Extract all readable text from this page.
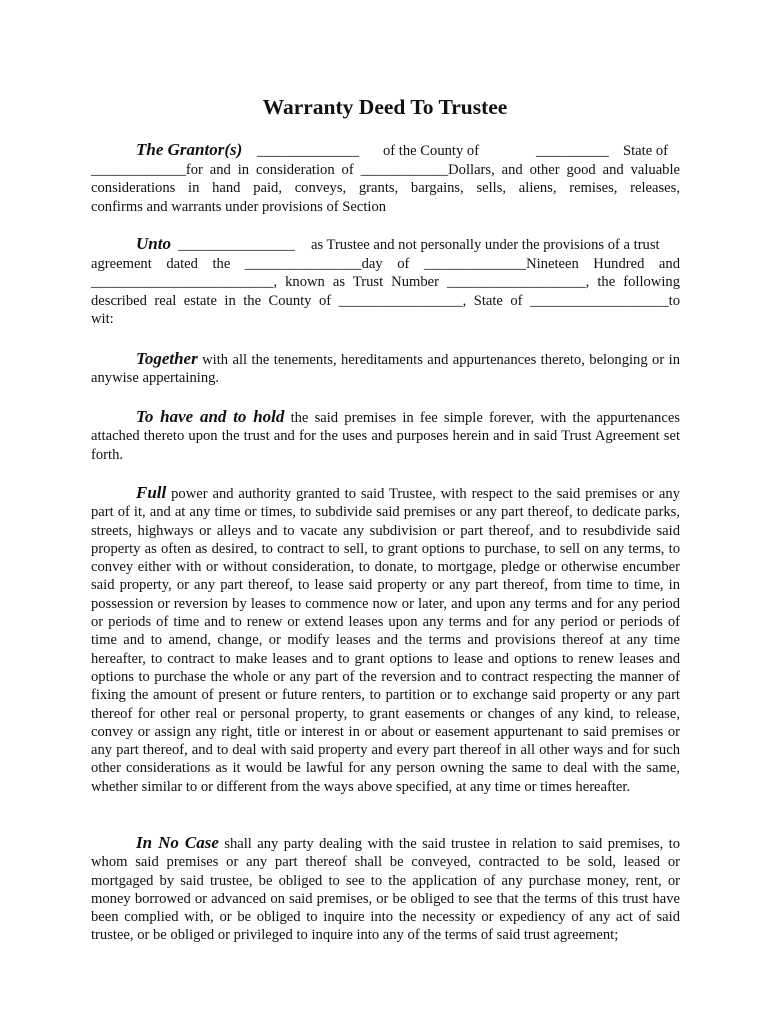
Warranty Deed To Trustee
The Grantor(s) ______________ of the County of	__________ State of
_____________for and in consideration of ____________Dollars, and other good and valuable
considerations in hand paid, conveys, grants, bargains, sells, aliens, remises, releases,
confirms and warrants under provisions of Section
Unto ________________ as Trustee and not personally under the provisions of a trust
agreement dated the ________________day of ______________Nineteen Hundred and
_________________________, known as Trust Number ___________________, the following
described real estate in the County of _________________, State of ___________________to
wit:

Together with all the tenements, hereditaments and appurtenances thereto, belonging or in anywise appertaining.

To have and to hold the said premises in fee simple forever, with the appurtenances attached thereto upon the trust and for the uses and purposes herein and in said Trust Agreement set forth.

Full power and authority granted to said Trustee, with respect to the said premises or any part of it, and at any time or times, to subdivide said premises or any part thereof, to dedicate parks, streets, highways or alleys and to vacate any subdivision or part thereof, and to resubdivide said property as often as desired, to contract to sell, to grant options to purchase, to sell on any terms, to convey either with or without consideration, to donate, to mortgage, pledge or otherwise encumber said property, or any part thereof, to lease said property or any part thereof, from time to time, in possession or reversion by leases to commence now or later, and upon any terms and for any period or periods of time and to renew or extend leases upon any terms and for any period or periods of time and to amend, change, or modify leases and the terms and provisions thereof at any time hereafter, to contract to make leases and to grant options to lease and options to renew leases and options to purchase the whole or any part of the reversion and to contract respecting the manner of fixing the amount of present or future renters, to partition or to exchange said property or any part thereof for other real or personal property, to grant easements or changes of any kind, to release, convey or assign any right, title or interest in or about or easement appurtenant to said premises or any part thereof, and to deal with said property and every part thereof in all other ways and for such other considerations as it would be lawful for any person owning the same to deal with the same, whether similar to or different from the ways above specified, at any time or times hereafter.

In No Case shall any party dealing with the said trustee in relation to said premises, to whom said premises or any part thereof shall be conveyed, contracted to be sold, leased or mortgaged by said trustee, be obliged to see to the application of any purchase money, rent, or money borrowed or advanced on said premises, or be obliged to see that the terms of this trust have been complied with, or be obliged to inquire into the necessity or expediency of any act of said trustee, or be obliged or privileged to inquire into any of the terms of said trust agreement;
